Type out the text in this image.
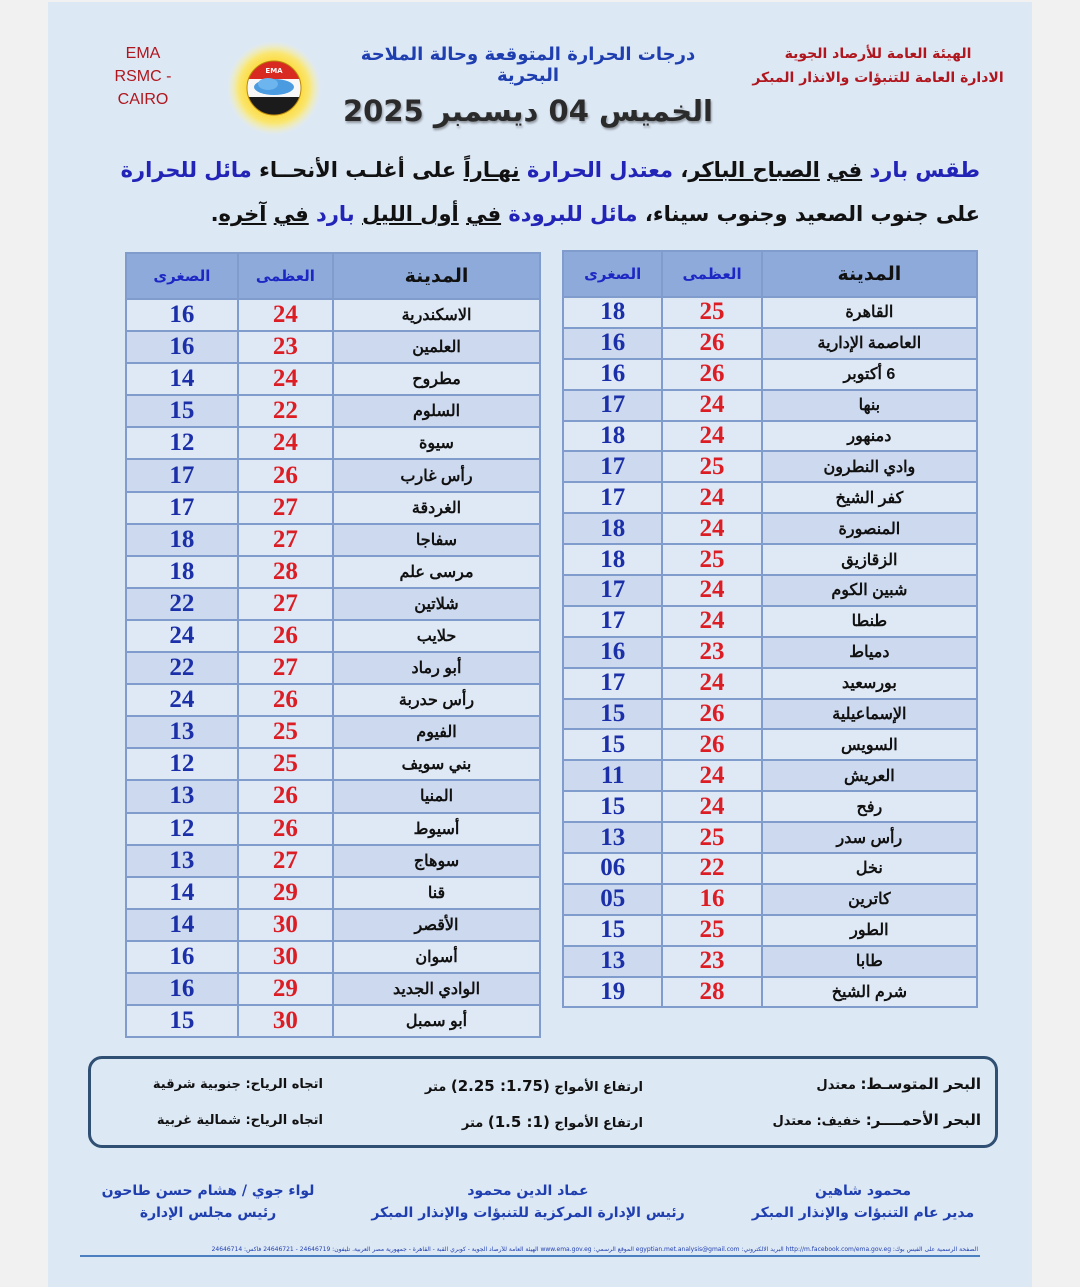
EMA
RSMC - CAIRO
EMA
درجات الحرارة المتوقعة وحالة الملاحة البحرية
الخميس 04 ديسمبر 2025
الهيئة العامة للأرصاد الجوية
الادارة العامة للتنبؤات والانذار المبكر
طقس بارد في الصباح الباكر، معتدل الحرارة نهـاراً على أغلـب الأنحــاء مائل للحرارة على جنوب الصعيد وجنوب سيناء، مائل للبرودة في أول الليل بارد في آخره.
المدينة	العظمى	الصغرى
القاهرة	25	18
العاصمة الإدارية	26	16
6 أكتوبر	26	16
بنها	24	17
دمنهور	24	18
وادي النطرون	25	17
كفر الشيخ	24	17
المنصورة	24	18
الزقازيق	25	18
شبين الكوم	24	17
طنطا	24	17
دمياط	23	16
بورسعيد	24	17
الإسماعيلية	26	15
السويس	26	15
العريش	24	11
رفح	24	15
رأس سدر	25	13
نخل	22	06
كاترين	16	05
الطور	25	15
طابا	23	13
شرم الشيخ	28	19
المدينة	العظمى	الصغرى
الاسكندرية	24	16
العلمين	23	16
مطروح	24	14
السلوم	22	15
سيوة	24	12
رأس غارب	26	17
الغردقة	27	17
سفاجا	27	18
مرسى علم	28	18
شلاتين	27	22
حلايب	26	24
أبو رماد	27	22
رأس حدربة	26	24
الفيوم	25	13
بني سويف	25	12
المنيا	26	13
أسيوط	26	12
سوهاج	27	13
قنا	29	14
الأقصر	30	14
أسوان	30	16
الوادي الجديد	29	16
أبو سمبل	30	15
البحر المتوسـط: معتدل
ارتفاع الأمواج (1.75: 2.25) متر
اتجاه الرياح: جنوبية شرقية
البحر الأحمــــر: خفيف: معتدل
ارتفاع الأمواج (1: 1.5) متر
اتجاه الرياح: شمالية غربية
محمود شاهين
مدير عام التنبؤات والإنذار المبكر
عماد الدين محمود
رئيس الإدارة المركزية للتنبؤات والإنذار المبكر
لواء جوي / هشام حسن طاحون
رئيس مجلس الإدارة
الصفحة الرسمية على الفيس بوك: http://m.facebook.com/ema.gov.eg البريد الالكتروني: egyptian.met.analysis@gmail.com الموقع الرسمي: www.ema.gov.eg الهيئة العامة للأرصاد الجوية - كوبري القبة - القاهرة - جمهورية مصر العربية. تليفون: 24646719 - 24646721 فاكس: 24646714
